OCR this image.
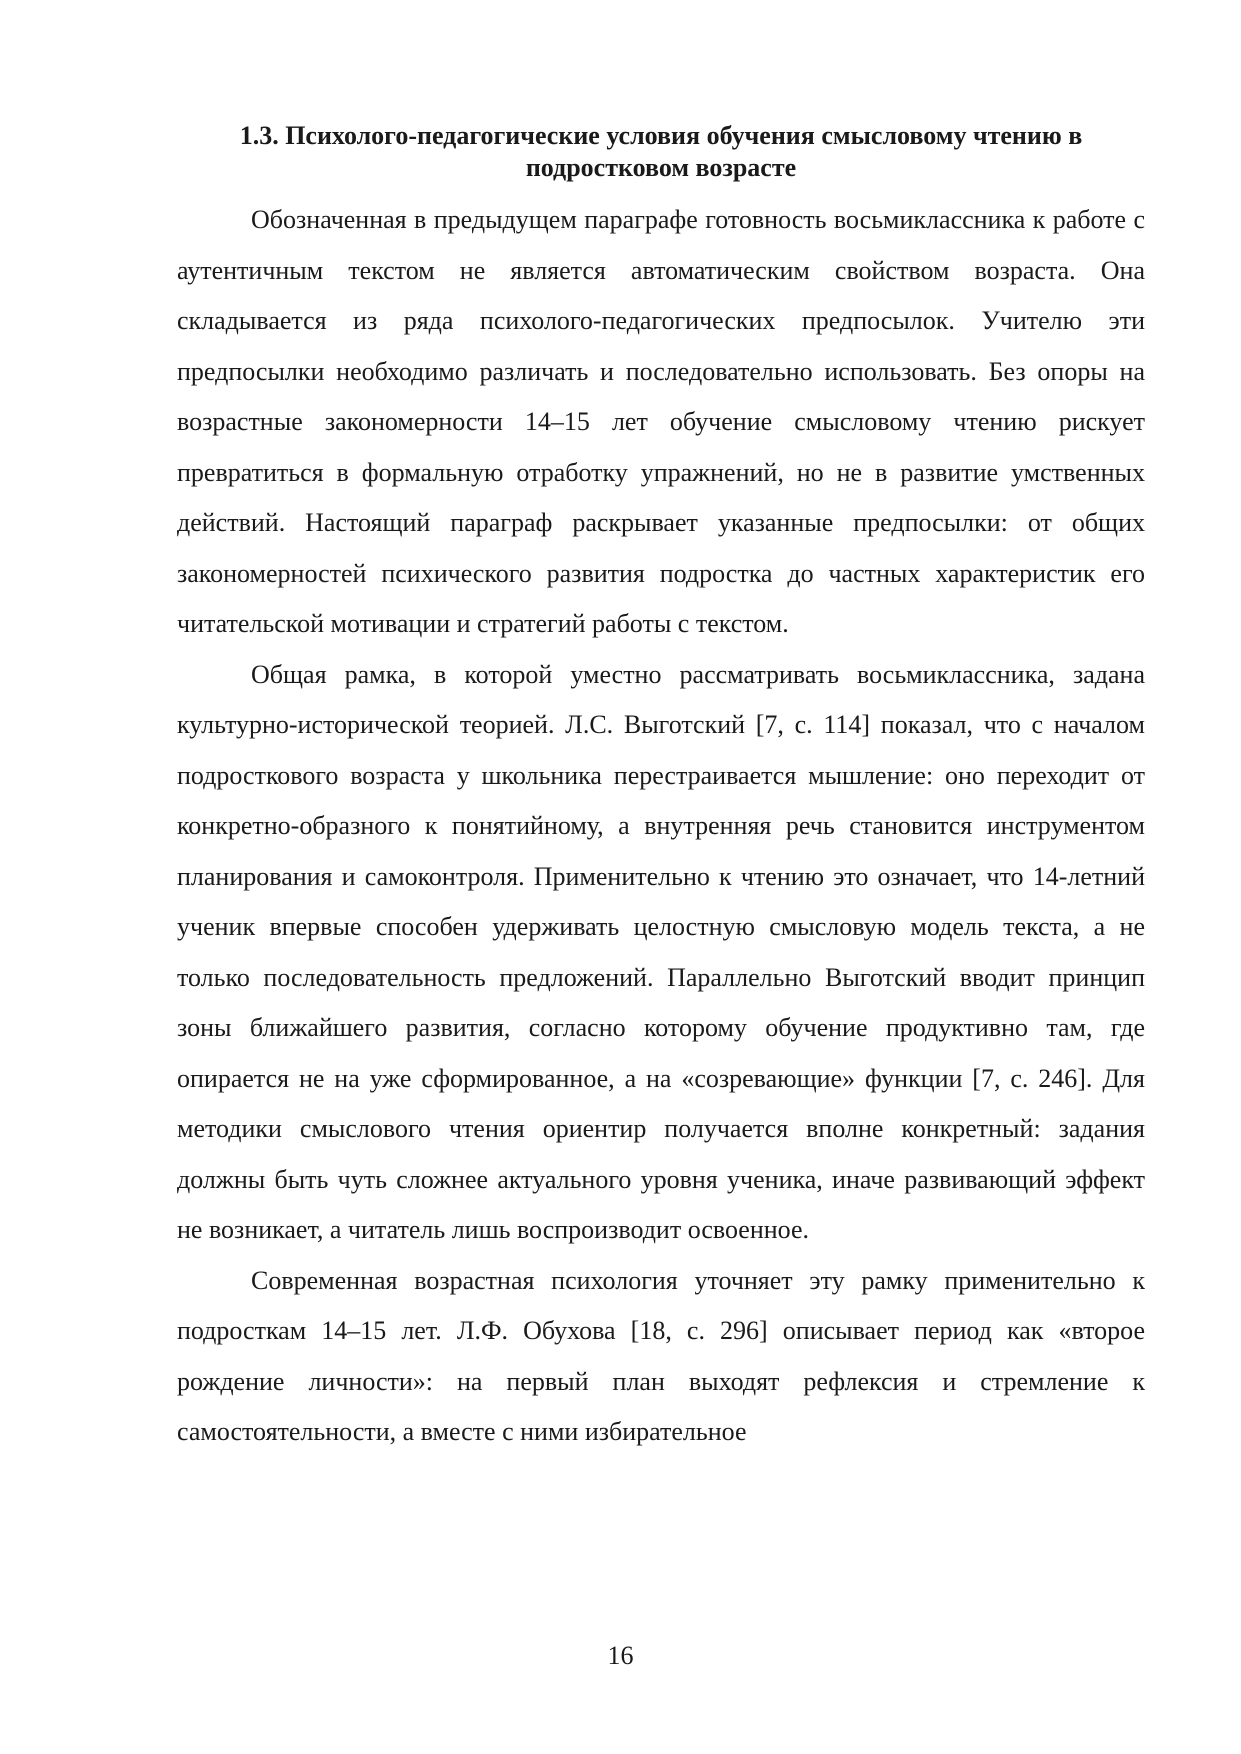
1.3. Психолого-педагогические условия обучения смысловому чтению в
подростковом возрасте

Обозначенная в предыдущем параграфе готовность восьмиклассника к работе с аутентичным текстом не является автоматическим свойством возраста. Она складывается из ряда психолого-педагогических предпосылок. Учителю эти предпосылки необходимо различать и последовательно использовать. Без опоры на возрастные закономерности 14–15 лет обучение смысловому чтению рискует превратиться в формальную отработку упражнений, но не в развитие умственных действий. Настоящий параграф раскрывает указанные предпосылки: от общих закономерностей психического развития подростка до частных характеристик его читательской мотивации и стратегий работы с текстом.

Общая рамка, в которой уместно рассматривать восьмиклассника, задана культурно-исторической теорией. Л.С. Выготский [7, с. 114] показал, что с началом подросткового возраста у школьника перестраивается мышление: оно переходит от конкретно-образного к понятийному, а внутренняя речь становится инструментом планирования и самоконтроля. Применительно к чтению это означает, что 14-летний ученик впервые способен удерживать целостную смысловую модель текста, а не только последовательность предложений. Параллельно Выготский вводит принцип зоны ближайшего развития, согласно которому обучение продуктивно там, где опирается не на уже сформированное, а на «созревающие» функции [7, с. 246]. Для методики смыслового чтения ориентир получается вполне конкретный: задания должны быть чуть сложнее актуального уровня ученика, иначе развивающий эффект не возникает, а читатель лишь воспроизводит освоенное.

Современная возрастная психология уточняет эту рамку применительно к подросткам 14–15 лет. Л.Ф. Обухова [18, с. 296] описывает период как «второе рождение личности»: на первый план выходят рефлексия и стремление к самостоятельности, а вместе с ними избирательное

16
